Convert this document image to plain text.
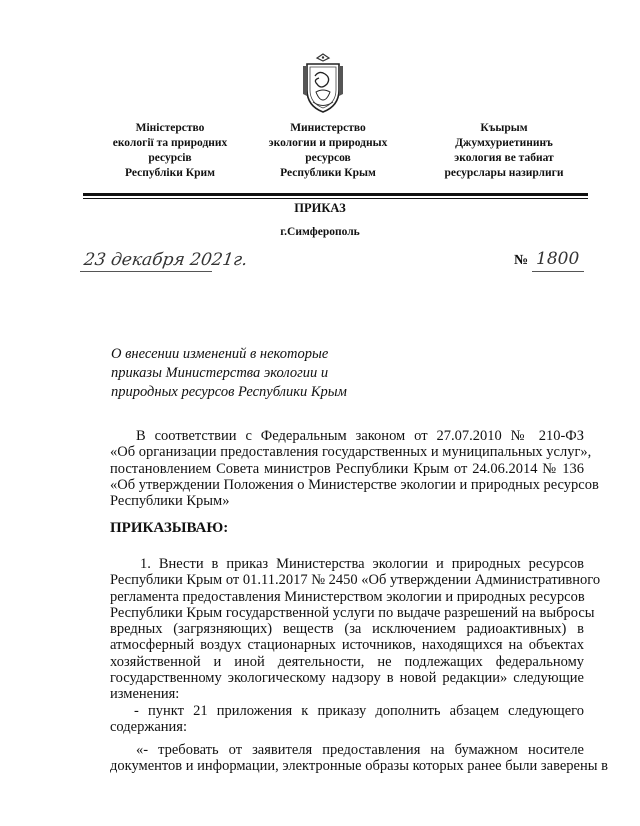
Міністерство
екології та природних
ресурсів
Республіки Крим
Министерство
экологии и природных
ресурсов
Республики Крым
Къырым
Джумхуриетининъ
экология ве табиат
ресурслары назирлиги
ПРИКАЗ
г.Симферополь
23 декабря 2021г.	№ 1800
О внесении изменений в некоторые
приказы Министерства экологии и
природных ресурсов Республики Крым
В соответствии с Федеральным законом от 27.07.2010 № 210-ФЗ
«Об организации предоставления государственных и муниципальных услуг»,
постановлением Совета министров Республики Крым от 24.06.2014 № 136
«Об утверждении Положения о Министерстве экологии и природных ресурсов
Республики Крым»
ПРИКАЗЫВАЮ:
1. Внести в приказ Министерства экологии и природных ресурсов
Республики Крым от 01.11.2017 № 2450 «Об утверждении Административного
регламента предоставления Министерством экологии и природных ресурсов
Республики Крым государственной услуги по выдаче разрешений на выбросы
вредных (загрязняющих) веществ (за исключением радиоактивных) в
атмосферный воздух стационарных источников, находящихся на объектах
хозяйственной и иной деятельности, не подлежащих федеральному
государственному экологическому надзору в новой редакции» следующие
изменения:
- пункт 21 приложения к приказу дополнить абзацем следующего
содержания:
«- требовать от заявителя предоставления на бумажном носителе
документов и информации, электронные образы которых ранее были заверены в
